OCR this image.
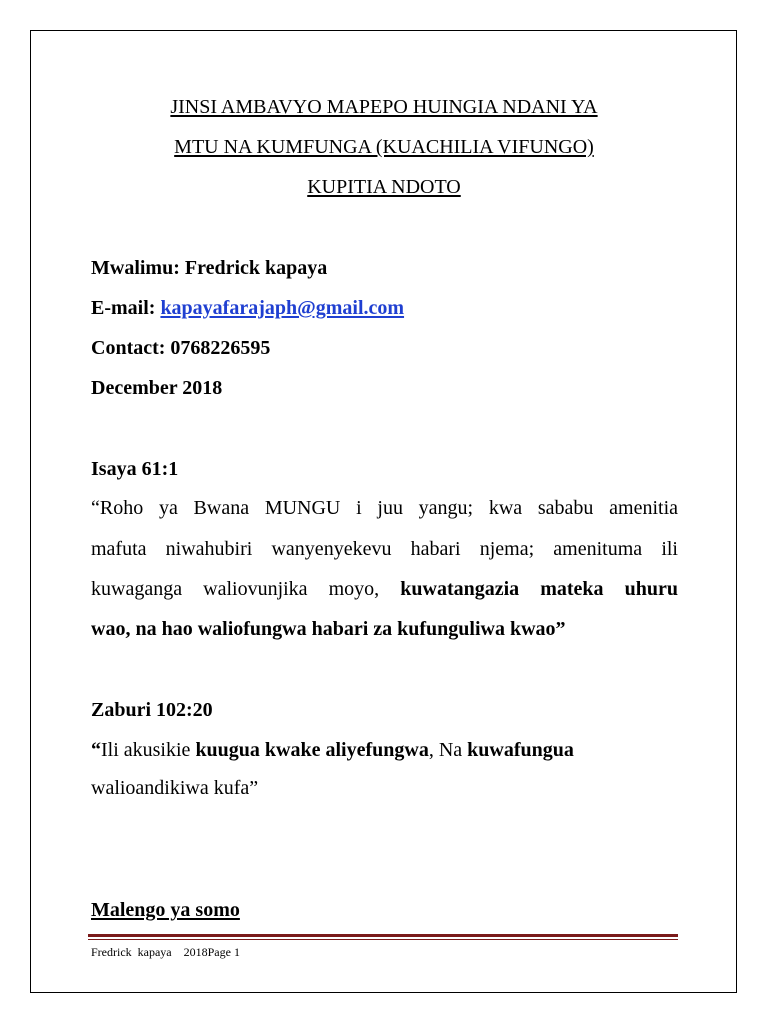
JINSI AMBAVYO MAPEPO HUINGIA NDANI YA
MTU NA KUMFUNGA (KUACHILIA VIFUNGO)
KUPITIA NDOTO
Mwalimu: Fredrick kapaya
E-mail: kapayafarajaph@gmail.com
Contact: 0768226595
December 2018
Isaya 61:1
“Roho ya Bwana MUNGU i juu yangu; kwa sababu amenitia
mafuta niwahubiri wanyenyekevu habari njema; amenituma ili
kuwaganga waliovunjika moyo, kuwatangazia mateka uhuru
wao, na hao waliofungwa habari za kufunguliwa kwao”
Zaburi 102:20
“Ili akusikie kuugua kwake aliyefungwa, Na kuwafungua
walioandikiwa kufa”
Malengo ya somo
Fredrick  kapaya    2018Page 1
